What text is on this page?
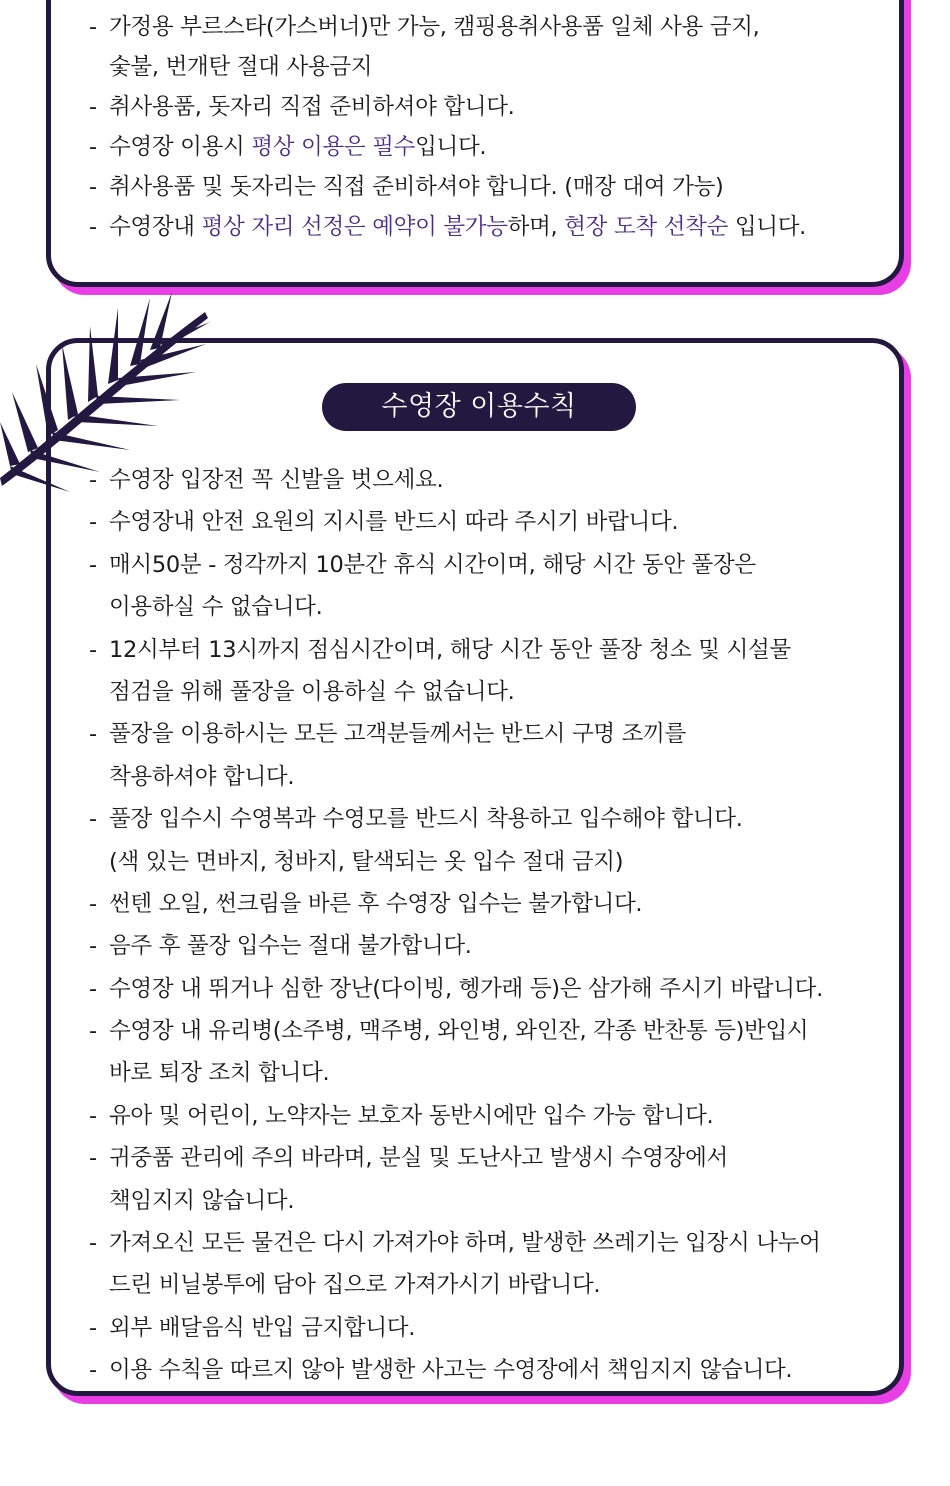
- 가정용 부르스타(가스버너)만 가능, 캠핑용취사용품 일체 사용 금지,
숯불, 번개탄 절대 사용금지
- 취사용품, 돗자리 직접 준비하셔야 합니다.
- 수영장 이용시 평상 이용은 필수입니다.
- 취사용품 및 돗자리는 직접 준비하셔야 합니다. (매장 대여 가능)
- 수영장내 평상 자리 선정은 예약이 불가능하며, 현장 도착 선착순 입니다.
수영장 이용수칙
- 수영장 입장전 꼭 신발을 벗으세요.
- 수영장내 안전 요원의 지시를 반드시 따라 주시기 바랍니다.
- 매시50분 - 정각까지 10분간 휴식 시간이며, 해당 시간 동안 풀장은
이용하실 수 없습니다.
- 12시부터 13시까지 점심시간이며, 해당 시간 동안 풀장 청소 및 시설물
점검을 위해 풀장을 이용하실 수 없습니다.
- 풀장을 이용하시는 모든 고객분들께서는 반드시 구명 조끼를
착용하셔야 합니다.
- 풀장 입수시 수영복과 수영모를 반드시 착용하고 입수해야 합니다.
(색 있는 면바지, 청바지, 탈색되는 옷 입수 절대 금지)
- 썬텐 오일, 썬크림을 바른 후 수영장 입수는 불가합니다.
- 음주 후 풀장 입수는 절대 불가합니다.
- 수영장 내 뛰거나 심한 장난(다이빙, 헹가래 등)은 삼가해 주시기 바랍니다.
- 수영장 내 유리병(소주병, 맥주병, 와인병, 와인잔, 각종 반찬통 등)반입시
바로 퇴장 조치 합니다.
- 유아 및 어린이, 노약자는 보호자 동반시에만 입수 가능 합니다.
- 귀중품 관리에 주의 바라며, 분실 및 도난사고 발생시 수영장에서
책임지지 않습니다.
- 가져오신 모든 물건은 다시 가져가야 하며, 발생한 쓰레기는 입장시 나누어
드린 비닐봉투에 담아 집으로 가져가시기 바랍니다.
- 외부 배달음식 반입 금지합니다.
- 이용 수칙을 따르지 않아 발생한 사고는 수영장에서 책임지지 않습니다.
